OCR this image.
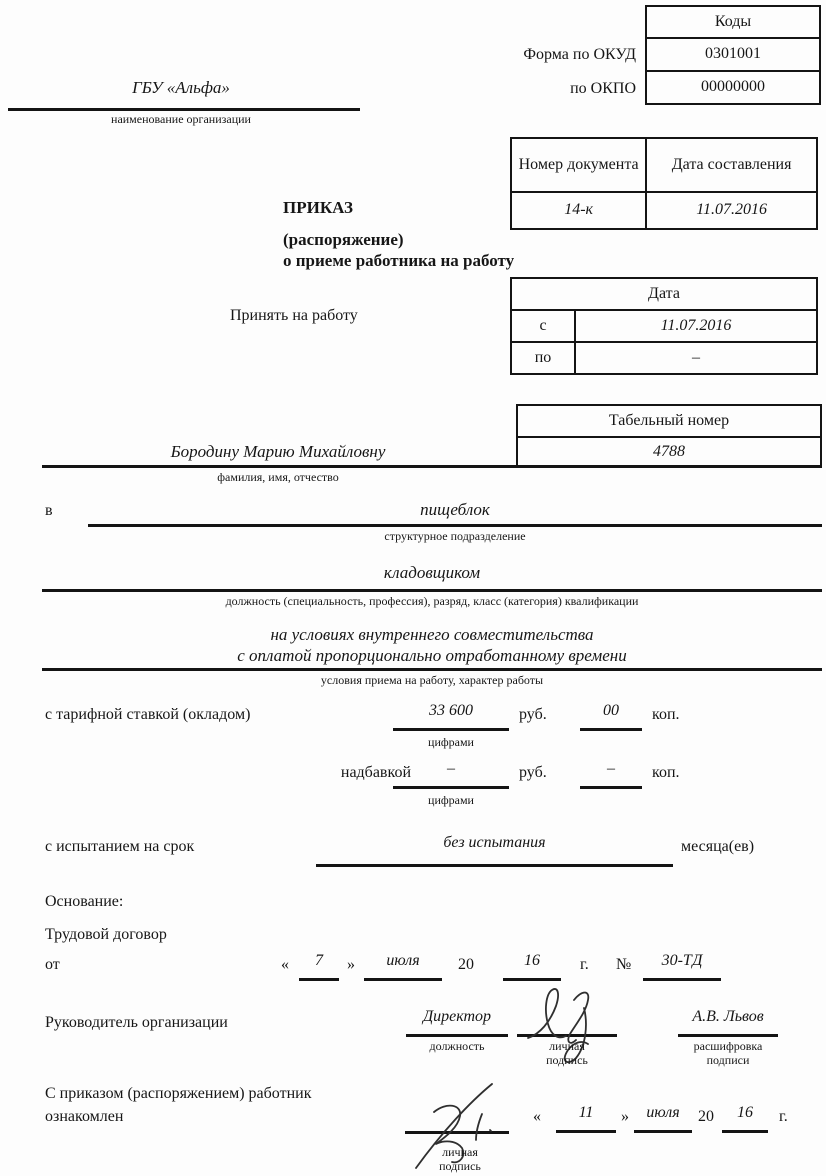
Форма по ОКУД
по ОКПО
Коды
0301001
00000000
ГБУ «Альфа»
наименование организации
Номер документа	Дата составления
14-к	11.07.2016
ПРИКАЗ
(распоряжение)
о приеме работника на работу
Принять на работу
Дата	
с	11.07.2016
по	–
Табельный номер
4788
Бородину Марию Михайловну
фамилия, имя, отчество
в	пищеблок
структурное подразделение
кладовщиком
должность (специальность, профессия), разряд, класс (категория) квалификации
на условиях внутреннего совместительства
с оплатой пропорционально отработанному времени
условия приема на работу, характер работы
с тарифной ставкой (окладом)	33 600	руб.	00	коп.
цифрами
надбавкой	–	руб.	–	коп.
цифрами
с испытанием на срок	без испытания	месяца(ев)
Основание:
Трудовой договор
от	«	7	»	июля	20	16	г. №	30-ТД
Руководитель организации	Директор
должность	личная
подпись
А.В. Львов
расшифровка
подписи
С приказом (распоряжением) работник
ознакомлен
личная
подпись
«	11	»	июля	20	16	г.
